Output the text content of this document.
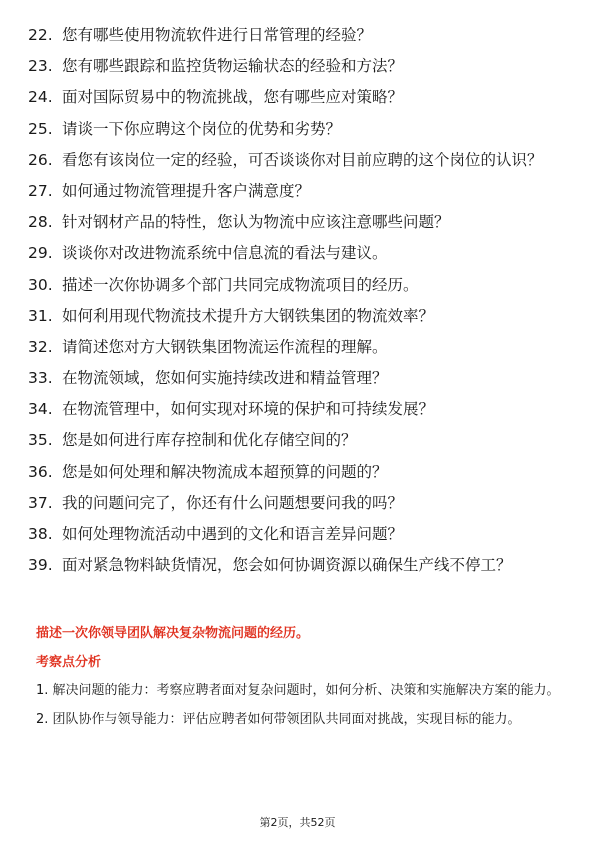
22. 您有哪些使用物流软件进行日常管理的经验？
23. 您有哪些跟踪和监控货物运输状态的经验和方法？
24. 面对国际贸易中的物流挑战，您有哪些应对策略？
25. 请谈一下你应聘这个岗位的优势和劣势？
26. 看您有该岗位一定的经验，可否谈谈你对目前应聘的这个岗位的认识？
27. 如何通过物流管理提升客户满意度？
28. 针对钢材产品的特性，您认为物流中应该注意哪些问题？
29. 谈谈你对改进物流系统中信息流的看法与建议。
30. 描述一次你协调多个部门共同完成物流项目的经历。
31. 如何利用现代物流技术提升方大钢铁集团的物流效率？
32. 请简述您对方大钢铁集团物流运作流程的理解。
33. 在物流领域，您如何实施持续改进和精益管理？
34. 在物流管理中，如何实现对环境的保护和可持续发展？
35. 您是如何进行库存控制和优化存储空间的？
36. 您是如何处理和解决物流成本超预算的问题的？
37. 我的问题问完了，你还有什么问题想要问我的吗？
38. 如何处理物流活动中遇到的文化和语言差异问题？
39. 面对紧急物料缺货情况，您会如何协调资源以确保生产线不停工？
描述一次你领导团队解决复杂物流问题的经历。
考察点分析

1. 解决问题的能力：考察应聘者面对复杂问题时，如何分析、决策和实施解决方案的能力。

2. 团队协作与领导能力：评估应聘者如何带领团队共同面对挑战，实现目标的能力。

第2页，共52页
